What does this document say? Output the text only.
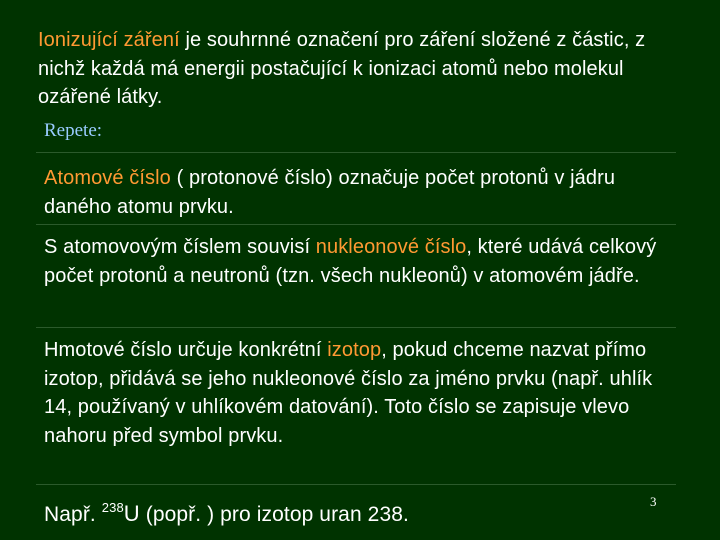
Ionizující záření je souhrnné označení pro záření složené z částic, z nichž každá má energii postačující k ionizaci atomů nebo molekul ozářené látky.
Repete:
Atomové číslo ( protonové číslo) označuje počet protonů v jádru daného atomu prvku.
S atomovovým číslem souvisí nukleonové číslo, které udává celkový počet protonů a neutronů (tzn. všech nukleonů) v atomovém jádře.
Hmotové číslo určuje konkrétní izotop, pokud chceme nazvat přímo izotop, přidává se jeho nukleonové číslo za jméno prvku (např. uhlík 14, používaný v uhlíkovém datování). Toto číslo se zapisuje vlevo nahoru před symbol prvku.
Např. $^{238}$U (popř. ) pro izotop uran 238.
3
